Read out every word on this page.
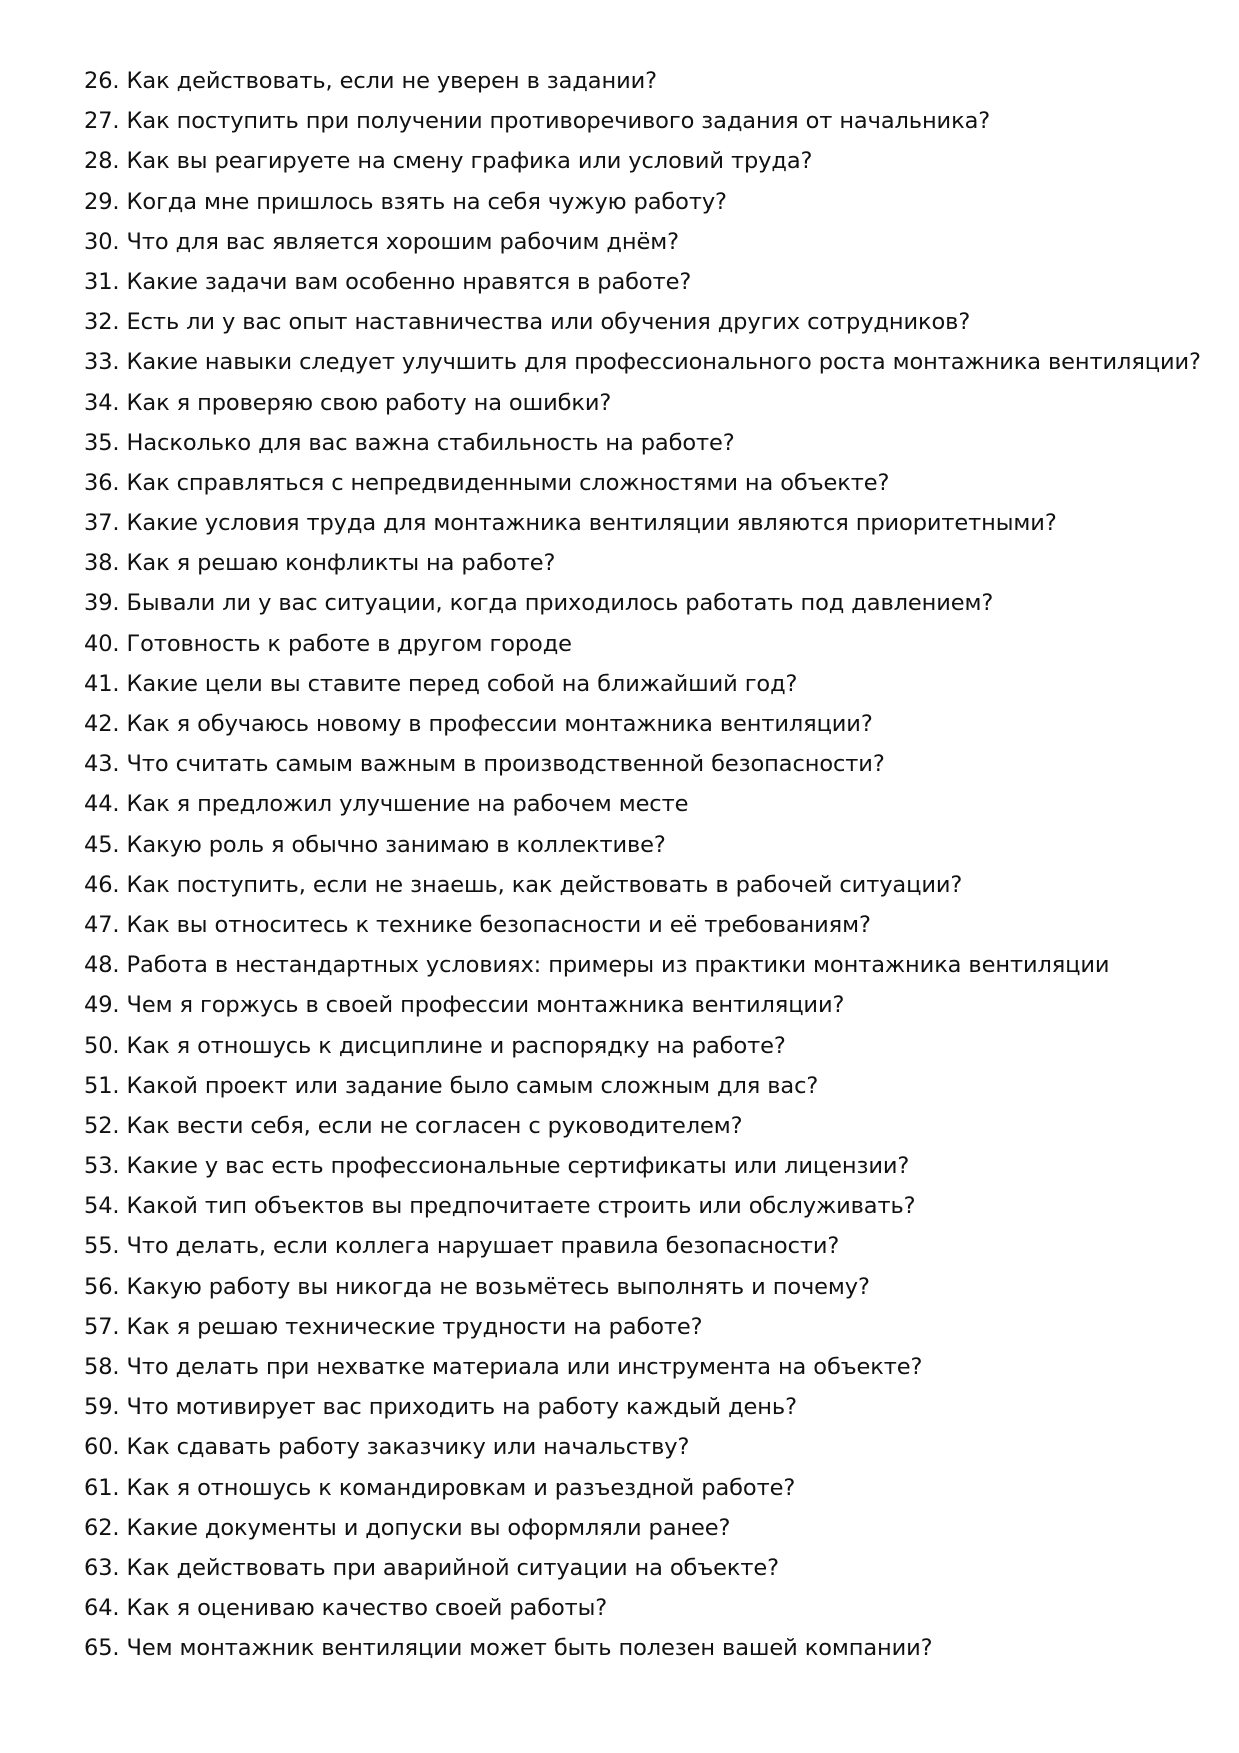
26. Как действовать, если не уверен в задании?
27. Как поступить при получении противоречивого задания от начальника?
28. Как вы реагируете на смену графика или условий труда?
29. Когда мне пришлось взять на себя чужую работу?
30. Что для вас является хорошим рабочим днём?
31. Какие задачи вам особенно нравятся в работе?
32. Есть ли у вас опыт наставничества или обучения других сотрудников?
33. Какие навыки следует улучшить для профессионального роста монтажника вентиляции?
34. Как я проверяю свою работу на ошибки?
35. Насколько для вас важна стабильность на работе?
36. Как справляться с непредвиденными сложностями на объекте?
37. Какие условия труда для монтажника вентиляции являются приоритетными?
38. Как я решаю конфликты на работе?
39. Бывали ли у вас ситуации, когда приходилось работать под давлением?
40. Готовность к работе в другом городе
41. Какие цели вы ставите перед собой на ближайший год?
42. Как я обучаюсь новому в профессии монтажника вентиляции?
43. Что считать самым важным в производственной безопасности?
44. Как я предложил улучшение на рабочем месте
45. Какую роль я обычно занимаю в коллективе?
46. Как поступить, если не знаешь, как действовать в рабочей ситуации?
47. Как вы относитесь к технике безопасности и её требованиям?
48. Работа в нестандартных условиях: примеры из практики монтажника вентиляции
49. Чем я горжусь в своей профессии монтажника вентиляции?
50. Как я отношусь к дисциплине и распорядку на работе?
51. Какой проект или задание было самым сложным для вас?
52. Как вести себя, если не согласен с руководителем?
53. Какие у вас есть профессиональные сертификаты или лицензии?
54. Какой тип объектов вы предпочитаете строить или обслуживать?
55. Что делать, если коллега нарушает правила безопасности?
56. Какую работу вы никогда не возьмётесь выполнять и почему?
57. Как я решаю технические трудности на работе?
58. Что делать при нехватке материала или инструмента на объекте?
59. Что мотивирует вас приходить на работу каждый день?
60. Как сдавать работу заказчику или начальству?
61. Как я отношусь к командировкам и разъездной работе?
62. Какие документы и допуски вы оформляли ранее?
63. Как действовать при аварийной ситуации на объекте?
64. Как я оцениваю качество своей работы?
65. Чем монтажник вентиляции может быть полезен вашей компании?
